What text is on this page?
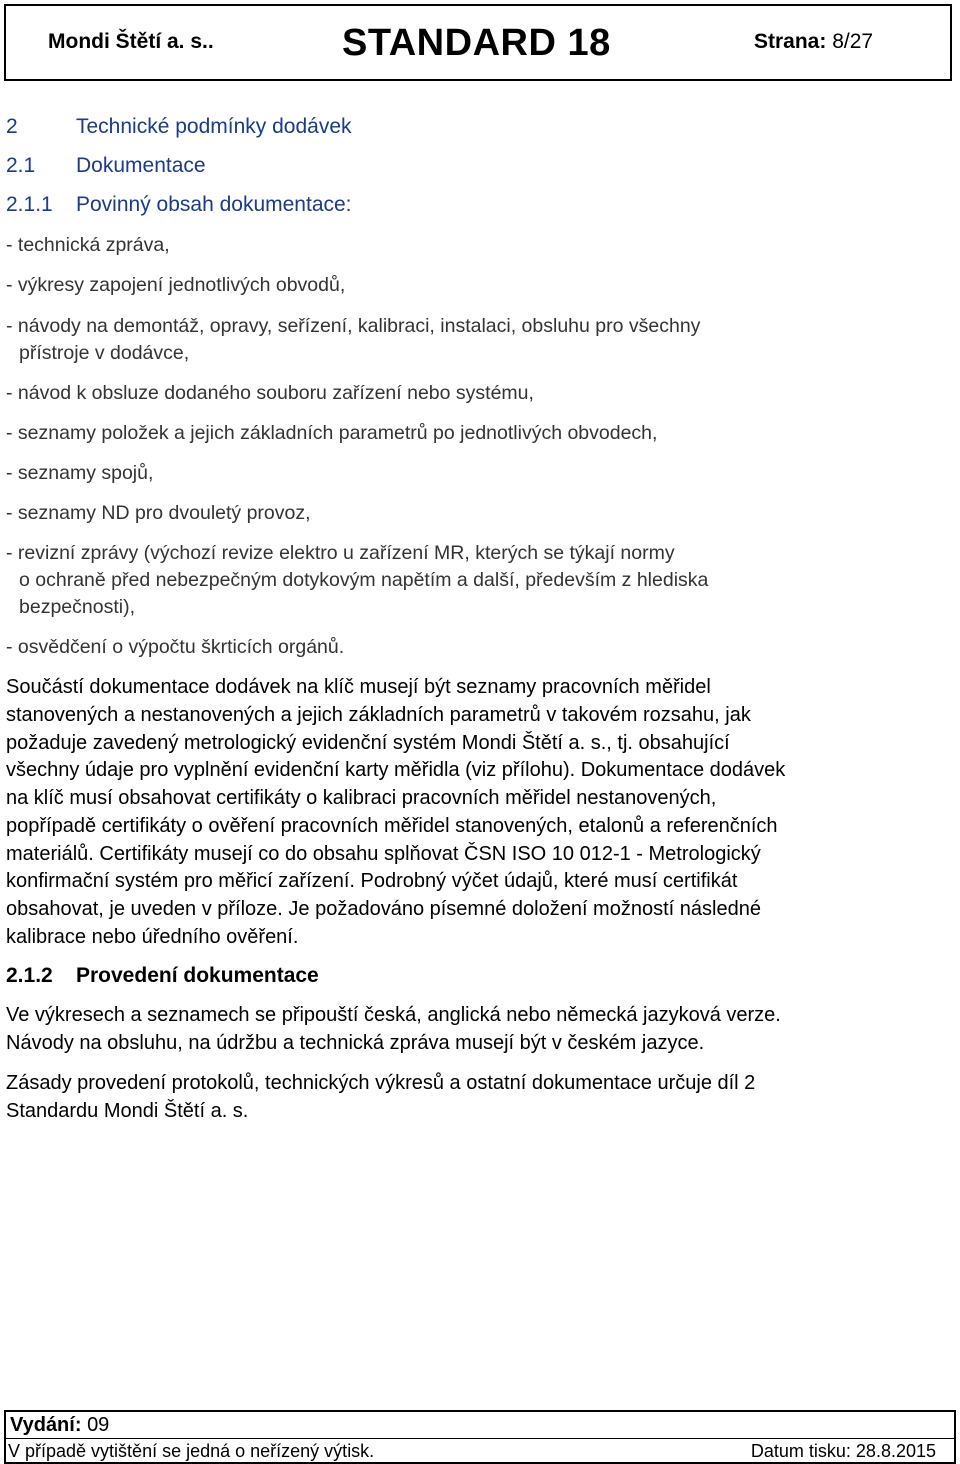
Mondi Štětí a. s..	STANDARD 18	Strana: 8/27
2	Technické podmínky dodávek
2.1 Dokumentace
2.1.1 Povinný obsah dokumentace:
- technická zpráva,
- výkresy zapojení jednotlivých obvodů,
- návody na demontáž, opravy, seřízení, kalibraci, instalaci, obsluhu pro všechny
přístroje v dodávce,
- návod k obsluze dodaného souboru zařízení nebo systému,
- seznamy položek a jejich základních parametrů po jednotlivých obvodech,
- seznamy spojů,
- seznamy ND pro dvouletý provoz,
- revizní zprávy (výchozí revize elektro u zařízení MR, kterých se týkají normy
o ochraně před nebezpečným dotykovým napětím a další, především z hlediska
bezpečnosti),
- osvědčení o výpočtu škrticích orgánů.
Součástí dokumentace dodávek na klíč musejí být seznamy pracovních měřidel
stanovených a nestanovených a jejich základních parametrů v takovém rozsahu, jak
požaduje zavedený metrologický evidenční systém Mondi Štětí a. s., tj. obsahující
všechny údaje pro vyplnění evidenční karty měřidla (viz přílohu). Dokumentace dodávek
na klíč musí obsahovat certifikáty o kalibraci pracovních měřidel nestanovených,
popřípadě certifikáty o ověření pracovních měřidel stanovených, etalonů a referenčních
materiálů. Certifikáty musejí co do obsahu splňovat ČSN ISO 10 012-1 - Metrologický
konfirmační systém pro měřicí zařízení. Podrobný výčet údajů, které musí certifikát
obsahovat, je uveden v příloze. Je požadováno písemné doložení možností následné
kalibrace nebo úředního ověření.
2.1.2 Provedení dokumentace
Ve výkresech a seznamech se připouští česká, anglická nebo německá jazyková verze.
Návody na obsluhu, na údržbu a technická zpráva musejí být v českém jazyce.
Zásady provedení protokolů, technických výkresů a ostatní dokumentace určuje díl 2
Standardu Mondi Štětí a. s.
Vydání: 09
V případě vytištění se jedná o neřízený výtisk.	Datum tisku: 28.8.2015
